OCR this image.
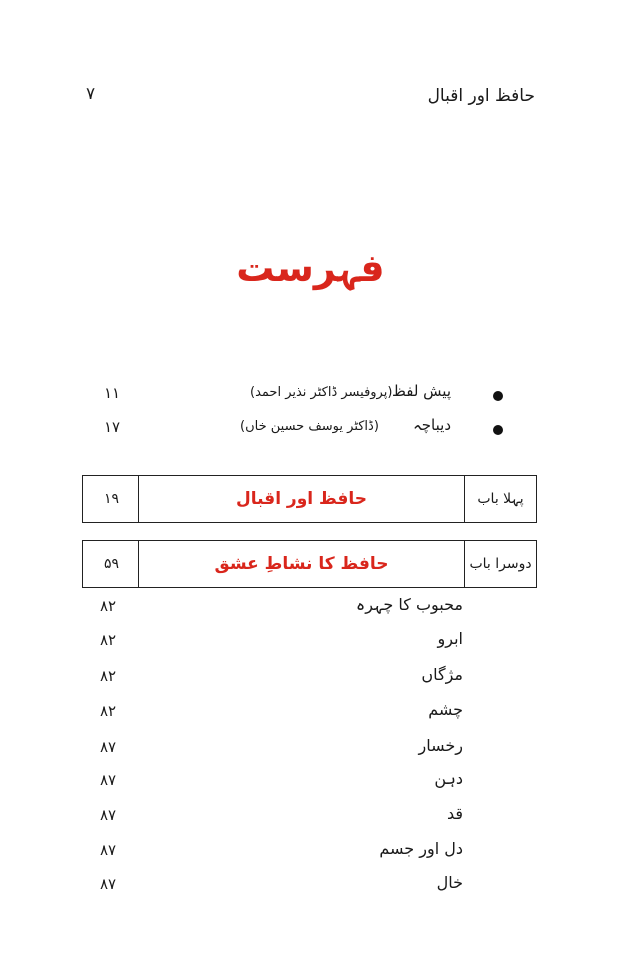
حافظ اور اقبال
۷
فہرست
پیش لفظ
(پروفیسر ڈاکٹر نذیر احمد)
۱۱
دیباچہ
(ڈاکٹر یوسف حسین خاں)
۱۷
پہلا باب
حافظ اور اقبال
۱۹
دوسرا باب
حافظ کا نشاطِ عشق
۵۹
محبوب کا چہرہ
۸۲
ابرو
۸۲
مژگاں
۸۲
چشم
۸۲
رخسار
۸۷
دہن
۸۷
قد
۸۷
دل اور جسم
۸۷
خال
۸۷
